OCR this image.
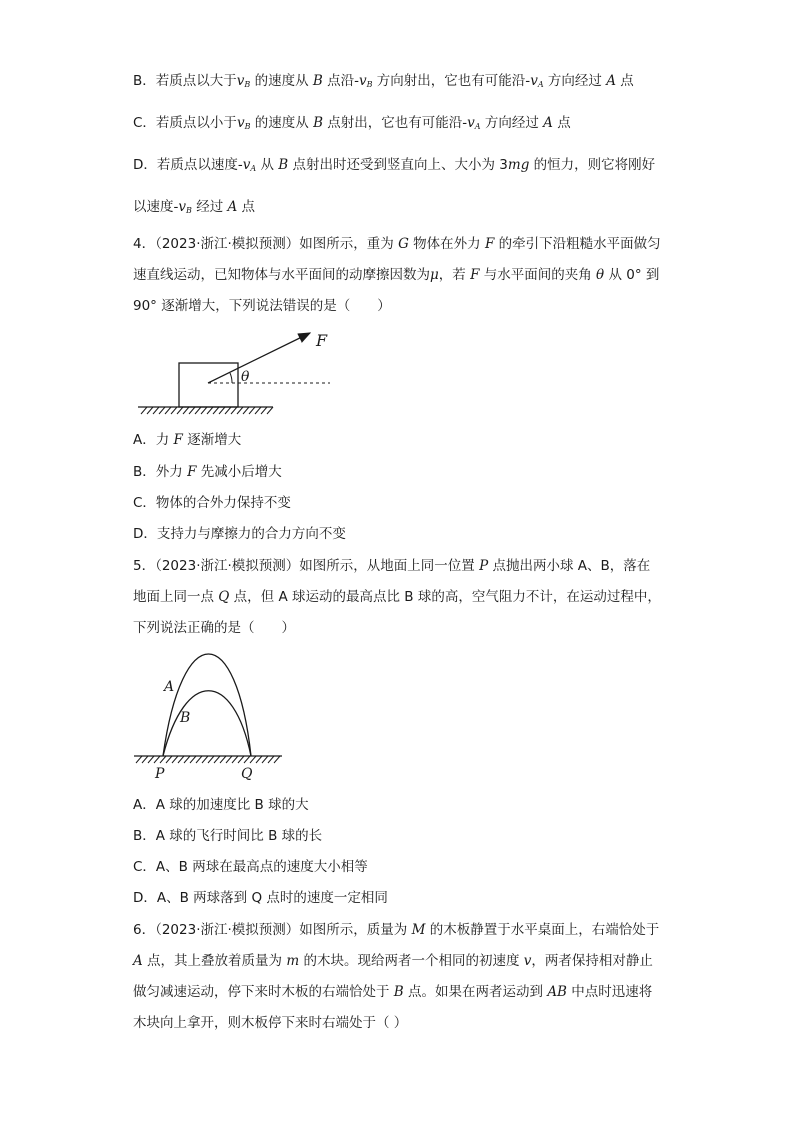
B．若质点以大于$v_B$ 的速度从 B 点沿$-v_B$ 方向射出，它也有可能沿$-v_A$ 方向经过 A 点
C．若质点以小于$v_B$ 的速度从 B 点射出，它也有可能沿$-v_A$ 方向经过 A 点
D．若质点以速度$-v_A$ 从 B 点射出时还受到竖直向上、大小为 3mg 的恒力，则它将刚好
以速度$-v_B$ 经过 A 点
4．（2023·浙江·模拟预测）如图所示，重为 G 物体在外力 F 的牵引下沿粗糙水平面做匀
速直线运动，已知物体与水平面间的动摩擦因数为μ，若 F 与水平面间的夹角 θ 从 0° 到
90° 逐渐增大，下列说法错误的是（　　）
F
θ
A．力 F 逐渐增大
B．外力 F 先减小后增大
C．物体的合外力保持不变
D．支持力与摩擦力的合力方向不变
5．（2023·浙江·模拟预测）如图所示，从地面上同一位置 P 点抛出两小球 A、B，落在
地面上同一点 Q 点，但 A 球运动的最高点比 B 球的高，空气阻力不计，在运动过程中，
下列说法正确的是（　　）
A
B
P	Q
A．A 球的加速度比 B 球的大
B．A 球的飞行时间比 B 球的长
C．A、B 两球在最高点的速度大小相等
D．A、B 两球落到 Q 点时的速度一定相同
6．（2023·浙江·模拟预测）如图所示，质量为 M 的木板静置于水平桌面上，右端恰处于
A 点，其上叠放着质量为 m 的木块。现给两者一个相同的初速度 v，两者保持相对静止
做匀减速运动，停下来时木板的右端恰处于 B 点。如果在两者运动到 AB 中点时迅速将
木块向上拿开，则木板停下来时右端处于（ ）
